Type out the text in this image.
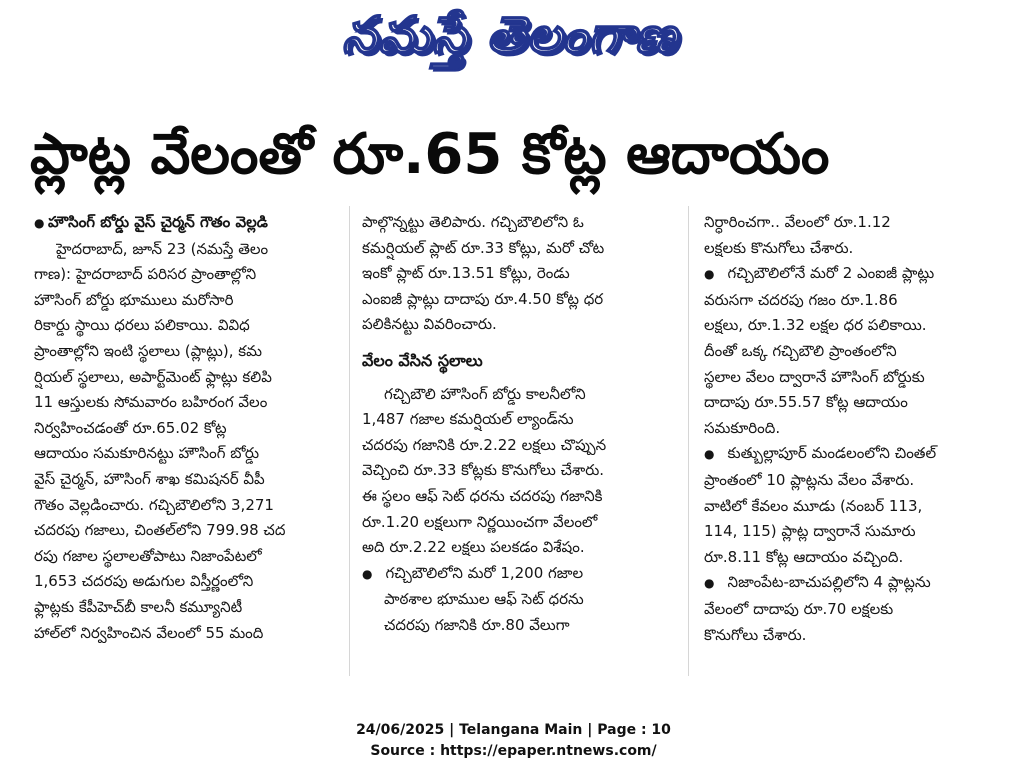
నమస్తే తెలంగాణ
ప్లాట్ల వేలంతో రూ.65 కోట్ల ఆదాయం
● హౌసింగ్ బోర్డు వైస్ చైర్మన్ గౌతం వెల్లడి
హైదరాబాద్, జూన్ 23 (నమస్తే తెలం
గాణ): హైదరాబాద్ పరిసర ప్రాంతాల్లోని
హౌసింగ్ బోర్డు భూములు మరోసారి
రికార్డు స్థాయి ధరలు పలికాయి. వివిధ
ప్రాంతాల్లోని ఇంటి స్థలాలు (ప్లాట్లు), కమ
ర్షియల్ స్థలాలు, అపార్ట్‌మెంట్ ఫ్లాట్లు కలిపి
11 ఆస్తులకు సోమవారం బహిరంగ వేలం
నిర్వహించడంతో రూ.65.02 కోట్ల
ఆదాయం సమకూరినట్టు హౌసింగ్ బోర్డు
వైస్ చైర్మన్, హౌసింగ్ శాఖ కమిషనర్ వీపీ
గౌతం వెల్లడించారు. గచ్చిబౌలిలోని 3,271
చదరపు గజాలు, చింతల్‌లోని 799.98 చద
రపు గజాల స్థలాలతోపాటు నిజాంపేటలో
1,653 చదరపు అడుగుల విస్తీర్ణంలోని
ఫ్లాట్లకు కేపీహెచ్‌బీ కాలనీ కమ్యూనిటీ
హాల్‌లో నిర్వహించిన వేలంలో 55 మంది
పాల్గొన్నట్టు తెలిపారు. గచ్చిబౌలిలోని ఓ
కమర్షియల్ ప్లాట్ రూ.33 కోట్లు, మరో చోట
ఇంకో ప్లాట్ రూ.13.51 కోట్లు, రెండు
ఎంఐజీ ప్లాట్లు దాదాపు రూ.4.50 కోట్ల ధర
పలికినట్టు వివరించారు.
వేలం వేసిన స్థలాలు
గచ్చిబౌలి హౌసింగ్ బోర్డు కాలనీలోని
1,487 గజాల కమర్షియల్ ల్యాండ్‌ను
చదరపు గజానికి రూ.2.22 లక్షలు చొప్పున
వెచ్చించి రూ.33 కోట్లకు కొనుగోలు చేశారు.
ఈ స్థలం ఆఫ్ సెట్ ధరను చదరపు గజానికి
రూ.1.20 లక్షలుగా నిర్ణయించగా వేలంలో
అది రూ.2.22 లక్షలు పలకడం విశేషం.
● గచ్చిబౌలిలోని మరో 1,200 గజాల
పాఠశాల భూముల ఆఫ్ సెట్ ధరను
చదరపు గజానికి రూ.80 వేలుగా
నిర్ధారించగా.. వేలంలో రూ.1.12
లక్షలకు కొనుగోలు చేశారు.
● గచ్చిబౌలిలోనే మరో 2 ఎంఐజీ ప్లాట్లు
వరుసగా చదరపు గజం రూ.1.86
లక్షలు, రూ.1.32 లక్షల ధర పలికాయి.
దీంతో ఒక్క గచ్చిబౌలి ప్రాంతంలోని
స్థలాల వేలం ద్వారానే హౌసింగ్ బోర్డుకు
దాదాపు రూ.55.57 కోట్ల ఆదాయం
సమకూరింది.
● కుత్బుల్లాపూర్ మండలంలోని చింతల్
ప్రాంతంలో 10 ప్లాట్లను వేలం వేశారు.
వాటిలో కేవలం మూడు (నంబర్ 113,
114, 115) ప్లాట్ల ద్వారానే సుమారు
రూ.8.11 కోట్ల ఆదాయం వచ్చింది.
● నిజాంపేట-బాచుపల్లిలోని 4 ప్లాట్లను
వేలంలో దాదాపు రూ.70 లక్షలకు
కొనుగోలు చేశారు.
24/06/2025 | Telangana Main | Page : 10
Source : https://epaper.ntnews.com/
